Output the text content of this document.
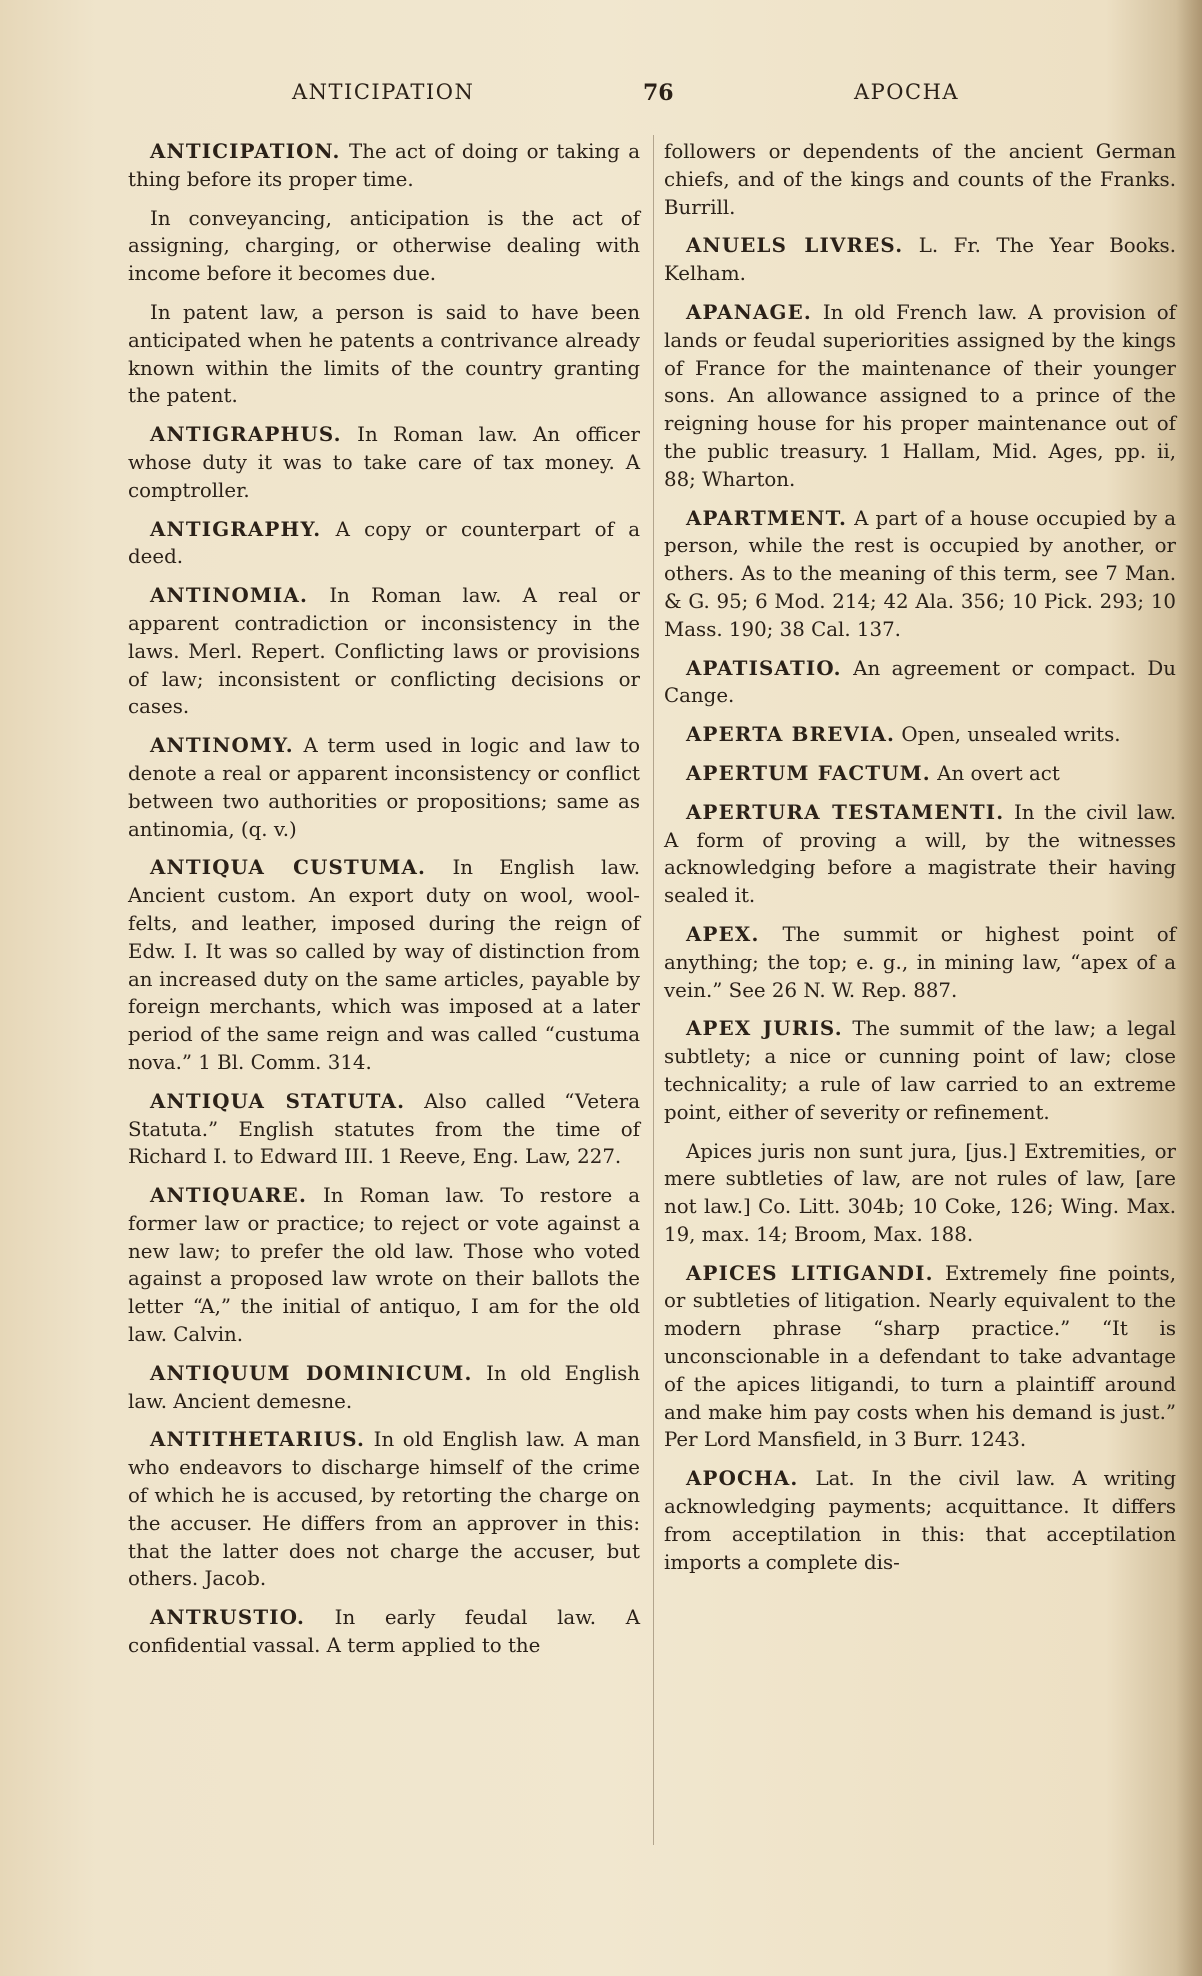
ANTICIPATION	76	APOCHA

ANTICIPATION. The act of doing or taking a thing before its proper time.

In conveyancing, anticipation is the act of assigning, charging, or otherwise dealing with income before it becomes due.

In patent law, a person is said to have been anticipated when he patents a contrivance already known within the limits of the country granting the patent.

ANTIGRAPHUS. In Roman law. An officer whose duty it was to take care of tax money. A comptroller.

ANTIGRAPHY. A copy or counterpart of a deed.

ANTINOMIA. In Roman law. A real or apparent contradiction or inconsistency in the laws. Merl. Repert. Conflicting laws or provisions of law; inconsistent or conflicting decisions or cases.

ANTINOMY. A term used in logic and law to denote a real or apparent inconsistency or conflict between two authorities or propositions; same as antinomia, (q. v.)

ANTIQUA CUSTUMA. In English law. Ancient custom. An export duty on wool, wool-felts, and leather, imposed during the reign of Edw. I. It was so called by way of distinction from an increased duty on the same articles, payable by foreign merchants, which was imposed at a later period of the same reign and was called “custuma nova.” 1 Bl. Comm. 314.

ANTIQUA STATUTA. Also called “Vetera Statuta.” English statutes from the time of Richard I. to Edward III. 1 Reeve, Eng. Law, 227.

ANTIQUARE. In Roman law. To restore a former law or practice; to reject or vote against a new law; to prefer the old law. Those who voted against a proposed law wrote on their ballots the letter “A,” the initial of antiquo, I am for the old law. Calvin.

ANTIQUUM DOMINICUM. In old English law. Ancient demesne.

ANTITHETARIUS. In old English law. A man who endeavors to discharge himself of the crime of which he is accused, by retorting the charge on the accuser. He differs from an approver in this: that the latter does not charge the accuser, but others. Jacob.

ANTRUSTIO. In early feudal law. A confidential vassal. A term applied to the

followers or dependents of the ancient German chiefs, and of the kings and counts of the Franks. Burrill.

ANUELS LIVRES. L. Fr. The Year Books. Kelham.

APANAGE. In old French law. A provision of lands or feudal superiorities assigned by the kings of France for the maintenance of their younger sons. An allowance assigned to a prince of the reigning house for his proper maintenance out of the public treasury. 1 Hallam, Mid. Ages, pp. ii, 88; Wharton.

APARTMENT. A part of a house occupied by a person, while the rest is occupied by another, or others. As to the meaning of this term, see 7 Man. & G. 95; 6 Mod. 214; 42 Ala. 356; 10 Pick. 293; 10 Mass. 190; 38 Cal. 137.

APATISATIO. An agreement or compact. Du Cange.

APERTA BREVIA. Open, unsealed writs.

APERTUM FACTUM. An overt act

APERTURA TESTAMENTI. In the civil law. A form of proving a will, by the witnesses acknowledging before a magistrate their having sealed it.

APEX. The summit or highest point of anything; the top; e. g., in mining law, “apex of a vein.” See 26 N. W. Rep. 887.

APEX JURIS. The summit of the law; a legal subtlety; a nice or cunning point of law; close technicality; a rule of law carried to an extreme point, either of severity or refinement.

Apices juris non sunt jura, [jus.] Extremities, or mere subtleties of law, are not rules of law, [are not law.] Co. Litt. 304b; 10 Coke, 126; Wing. Max. 19, max. 14; Broom, Max. 188.

APICES LITIGANDI. Extremely fine points, or subtleties of litigation. Nearly equivalent to the modern phrase “sharp practice.” “It is unconscionable in a defendant to take advantage of the apices litigandi, to turn a plaintiff around and make him pay costs when his demand is just.” Per Lord Mansfield, in 3 Burr. 1243.

APOCHA. Lat. In the civil law. A writing acknowledging payments; acquittance. It differs from acceptilation in this: that acceptilation imports a complete dis-
